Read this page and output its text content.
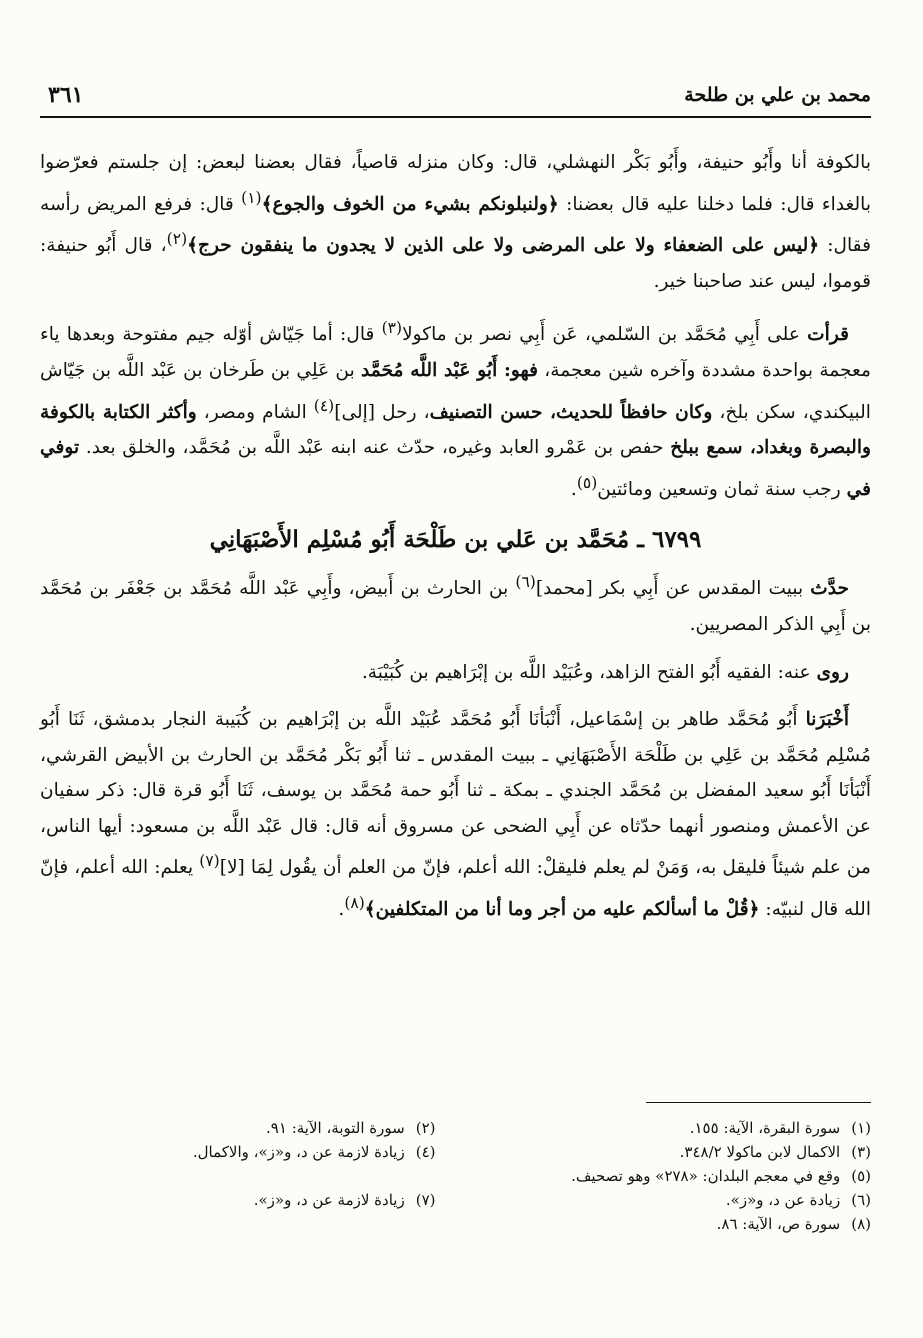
٣٦١	محمد بن علي بن طلحة

بالكوفة أنا وأَبُو حنيفة، وأَبُو بَكْر النهشلي، قال: وكان منزله قاصياً، فقال بعضنا لبعض: إن جلستم فعرّضوا بالغداء قال: فلما دخلنا عليه قال بعضنا: ﴿ولنبلونكم بشيء من الخوف والجوع﴾$^{(١)}$ قال: فرفع المريض رأسه فقال: ﴿ليس على الضعفاء ولا على المرضى ولا على الذين لا يجدون ما ينفقون حرج﴾$^{(٢)}$، قال أَبُو حنيفة: قوموا، ليس عند صاحبنا خير.

قرأت على أَبِي مُحَمَّد بن السّلمي، عَن أَبِي نصر بن ماكولا$^{(٣)}$ قال: أما جَيّاش أوّله جيم مفتوحة وبعدها ياء معجمة بواحدة مشددة وآخره شين معجمة، فهو: أَبُو عَبْد اللَّه مُحَمَّد بن عَلِي بن طَرخان بن عَبْد اللَّه بن جَيّاش البيكندي، سكن بلخ، وكان حافظاً للحديث، حسن التصنيف، رحل [إلى]$^{(٤)}$ الشام ومصر، وأكثر الكتابة بالكوفة والبصرة وبغداد، سمع ببلخ حفص بن عَمْرو العابد وغيره، حدّث عنه ابنه عَبْد اللَّه بن مُحَمَّد، والخلق بعد. توفي في رجب سنة ثمان وتسعين ومائتين$^{(٥)}$.

٦٧٩٩ ـ مُحَمَّد بن عَلي بن طَلْحَة أَبُو مُسْلِم الأَصْبَهَانِي

حدَّث ببيت المقدس عن أَبِي بكر [محمد]$^{(٦)}$ بن الحارث بن أَبيض، وأَبِي عَبْد اللَّه مُحَمَّد بن جَعْفَر بن مُحَمَّد بن أَبِي الذكر المصريين.

روى عنه: الفقيه أَبُو الفتح الزاهد، وعُبَيْد اللَّه بن إبْرَاهيم بن كُبَيْبَة.

أَخْبَرَنا أَبُو مُحَمَّد طاهر بن إسْمَاعيل، أَنْبَأنَا أَبُو مُحَمَّد عُبَيْد اللَّه بن إبْرَاهيم بن كُبَيبة النجار بدمشق، ثَنَا أَبُو مُسْلِم مُحَمَّد بن عَلِي بن طَلْحَة الأَصْبَهَانِي ـ ببيت المقدس ـ ثنا أَبُو بَكْر مُحَمَّد بن الحارث بن الأبيض القرشي، أَنْبَأنَا أَبُو سعيد المفضل بن مُحَمَّد الجندي ـ بمكة ـ ثنا أَبُو حمة مُحَمَّد بن يوسف، ثَنَا أَبُو قرة قال: ذكر سفيان عن الأعمش ومنصور أنهما حدّثاه عن أَبِي الضحى عن مسروق أنه قال: قال عَبْد اللَّه بن مسعود: أيها الناس، من علم شيئاً فليقل به، وَمَنْ لم يعلم فليقلْ: الله أعلم، فإنّ من العلم أن يقُول لِمَا [لا]$^{(٧)}$ يعلم: الله أعلم، فإنّ الله قال لنبيّه: ﴿قُلْ ما أسألكم عليه من أجر وما أنا من المتكلفين﴾$^{(٨)}$.

(١) سورة البقرة، الآية: ١٥٥.
(٢) سورة التوبة، الآية: ٩١.
(٣) الاكمال لابن ماكولا ٣٤٨/٢.
(٤) زيادة لازمة عن د، و«ز»، والاكمال.
(٥) وقع في معجم البلدان: «٢٧٨» وهو تصحيف.
(٦) زيادة عن د، و«ز».
(٧) زيادة لازمة عن د، و«ز».
(٨) سورة ص، الآية: ٨٦.
